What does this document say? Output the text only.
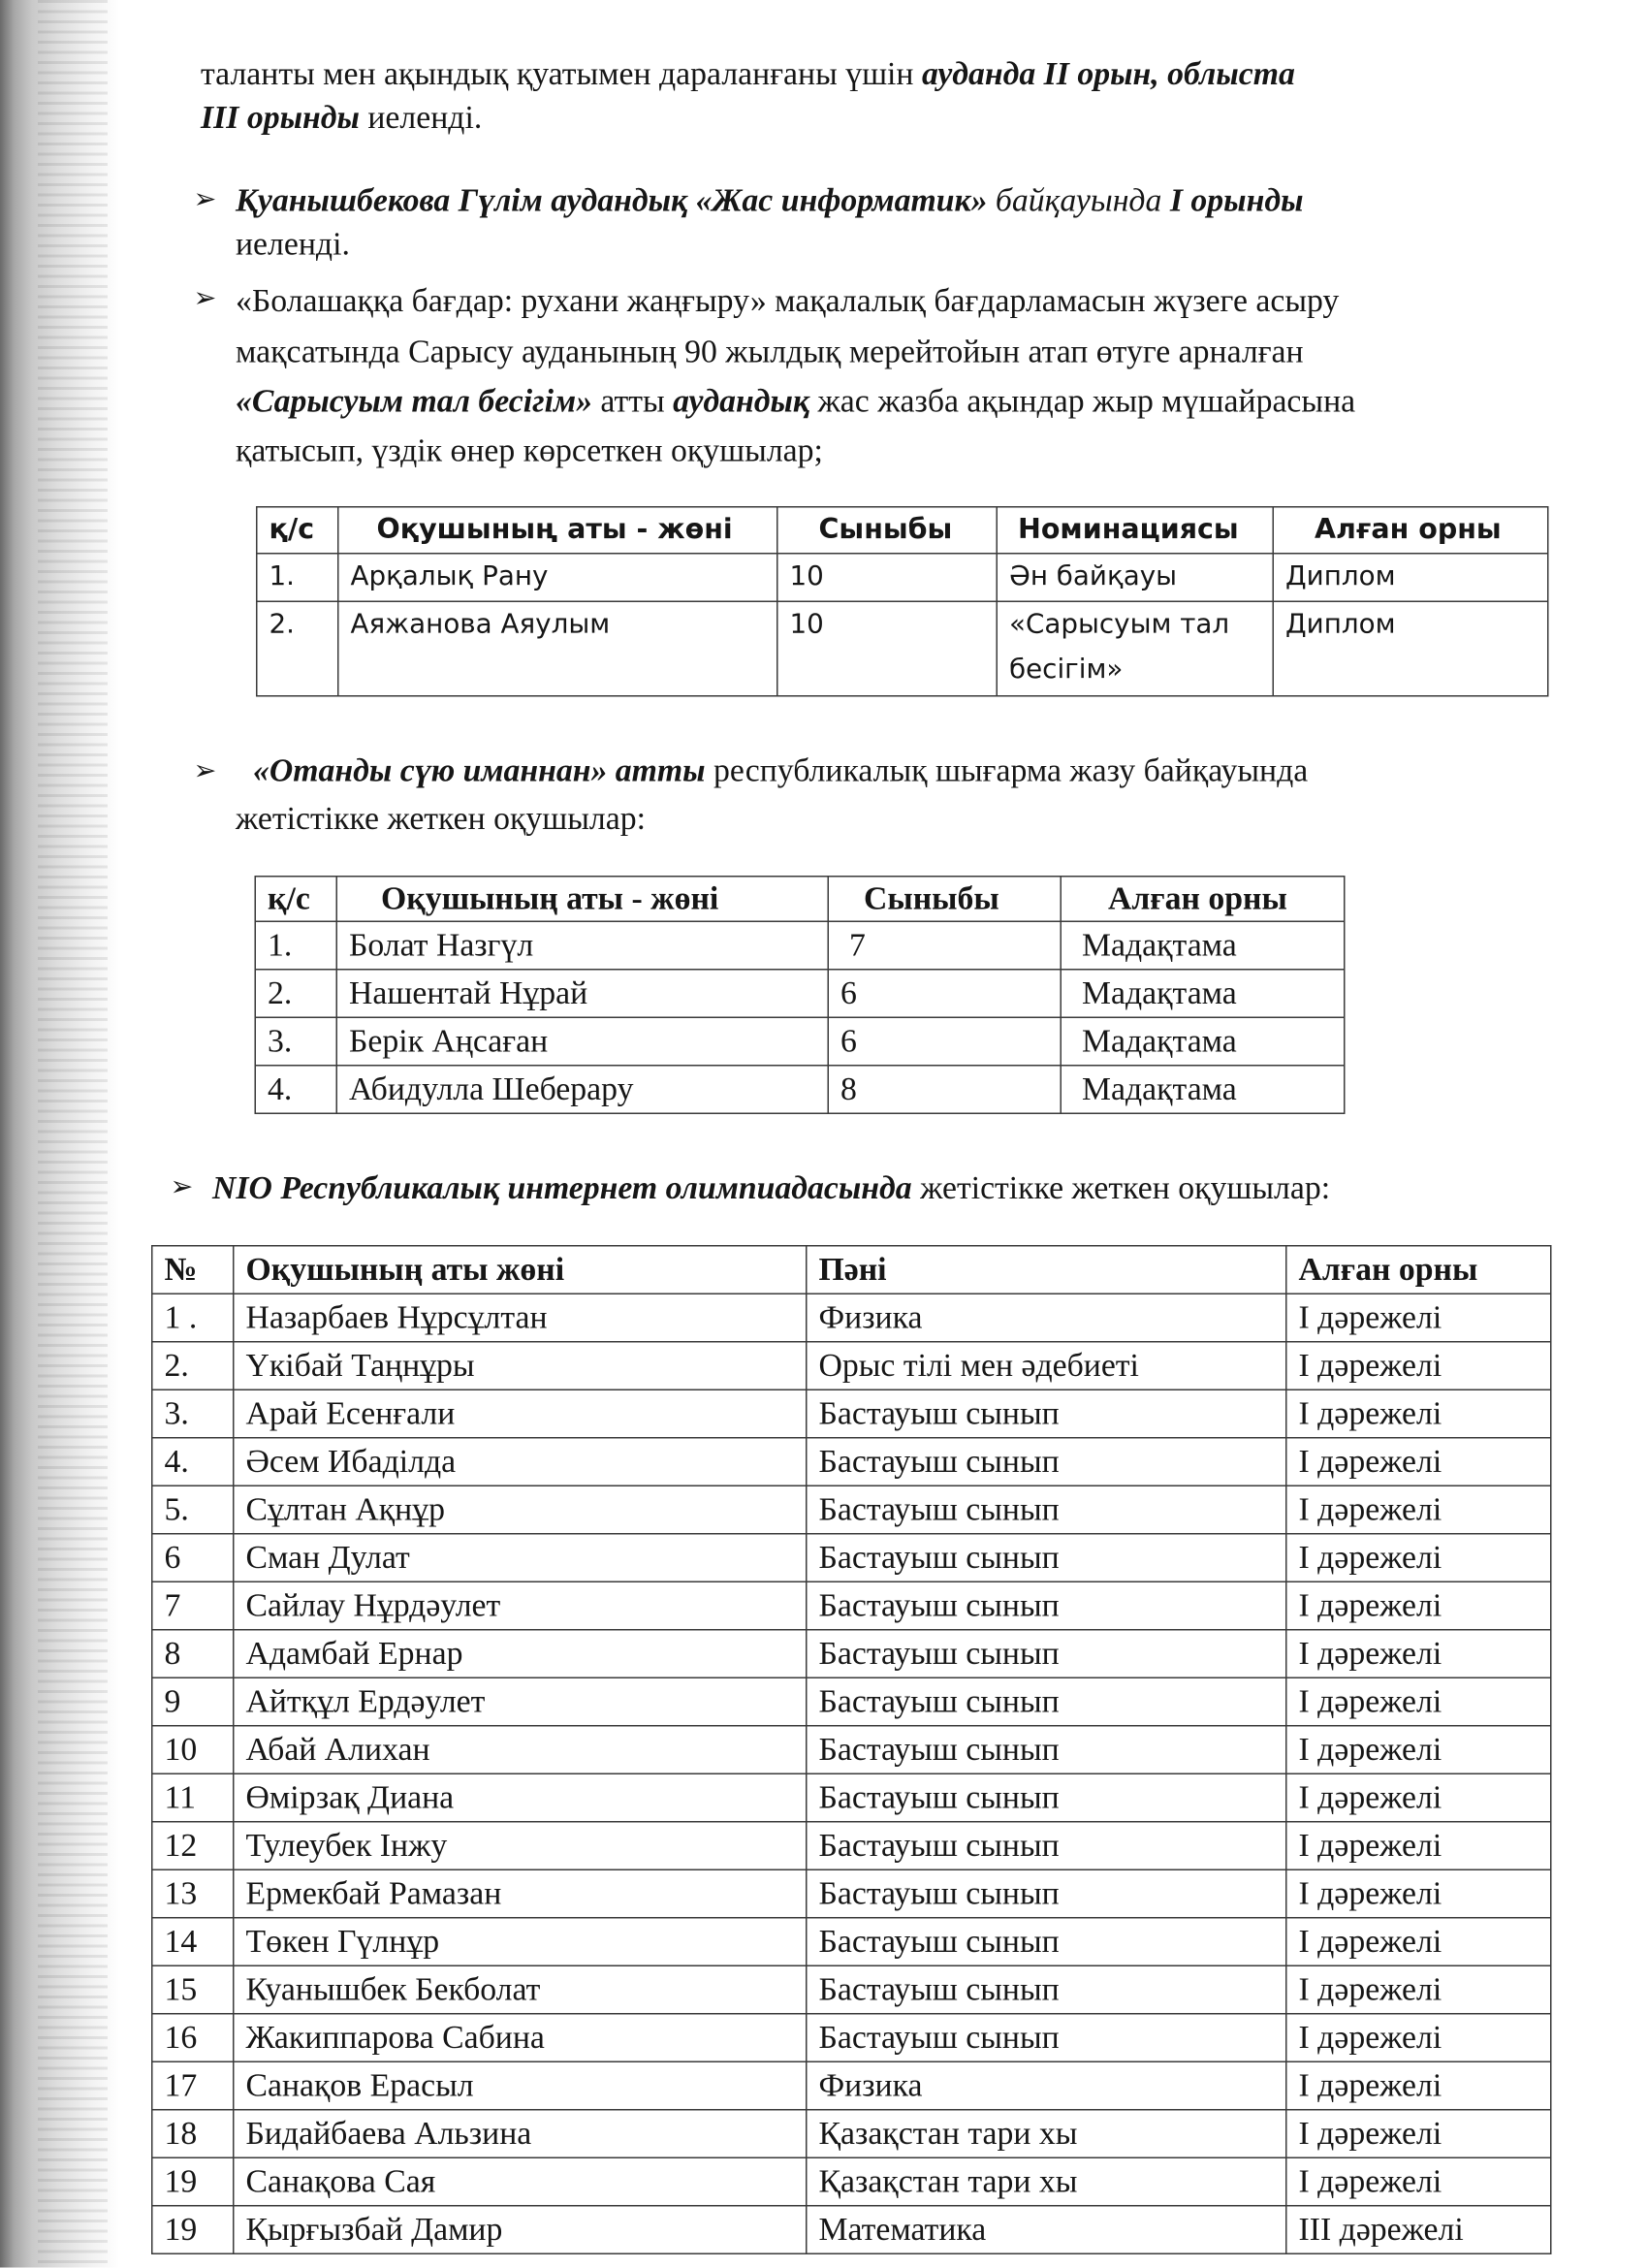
таланты мен ақындық қуатымен дараланғаны үшін ауданда ІІ орын, облыста
ІІІ орынды иеленді.
➢ Қуанышбекова Гүлім аудандық «Жас информатик» байқауында І орынды
иеленді.
➢ «Болашаққа бағдар: рухани жаңғыру» мақалалық бағдарламасын жүзеге асыру
мақсатында Сарысу ауданының 90 жылдық мерейтойын атап өтуге арналған
«Сарысуым тал бесігім» атты аудандық жас жазба ақындар жыр мүшайрасына
қатысып, үздік өнер көрсеткен оқушылар;
қ/с	Оқушының аты - жөні	Сыныбы	Номинациясы	Алған орны
1.	Арқалық Рану	10	Ән байқауы	Диплом
2.	Аяжанова Аяулым	10	«Сарысуым тал бесігім»	Диплом
➢ «Отанды сүю иманнан» атты республикалық шығарма жазу байқауында
жетістікке жеткен оқушылар:
қ/с	Оқушының аты - жөні	Сыныбы	Алған орны
1.	Болат Назгүл	7	Мадақтама
2.	Нашентай Нұрай	6	Мадақтама
3.	Берік Аңсаған	6	Мадақтама
4.	Абидулла Шеберару	8	Мадақтама
➢ NIO Республикалық интернет олимпиадасында жетістікке жеткен оқушылар:
№	Оқушының аты жөні	Пәні	Алған орны
1 .	Назарбаев Нұрсұлтан	Физика	І дәрежелі
2.	Үкібай Таңнұры	Орыс тілі мен әдебиеті	І дәрежелі
3.	Арай Есенғали	Бастауыш сынып	І дәрежелі
4.	Әсем Ибаділда	Бастауыш сынып	І дәрежелі
5.	Сұлтан Ақнұр	Бастауыш сынып	І дәрежелі
6	Сман Дулат	Бастауыш сынып	І дәрежелі
7	Сайлау Нұрдәулет	Бастауыш сынып	І дәрежелі
8	Адамбай Ернар	Бастауыш сынып	І дәрежелі
9	Айтқұл Ердәулет	Бастауыш сынып	І дәрежелі
10	Абай Алихан	Бастауыш сынып	І дәрежелі
11	Өмірзақ Диана	Бастауыш сынып	І дәрежелі
12	Тулеубек Інжу	Бастауыш сынып	І дәрежелі
13	Ермекбай Рамазан	Бастауыш сынып	І дәрежелі
14	Төкен Гүлнұр	Бастауыш сынып	І дәрежелі
15	Куанышбек Бекболат	Бастауыш сынып	І дәрежелі
16	Жакиппарова Сабина	Бастауыш сынып	І дәрежелі
17	Санақов Ерасыл	Физика	І дәрежелі
18	Бидайбаева Альзина	Қазақстан тари хы	І дәрежелі
19	Санақова Сая	Қазақстан тари хы	І дәрежелі
19	Қырғызбай Дамир	Математика	ІІІ дәрежелі
